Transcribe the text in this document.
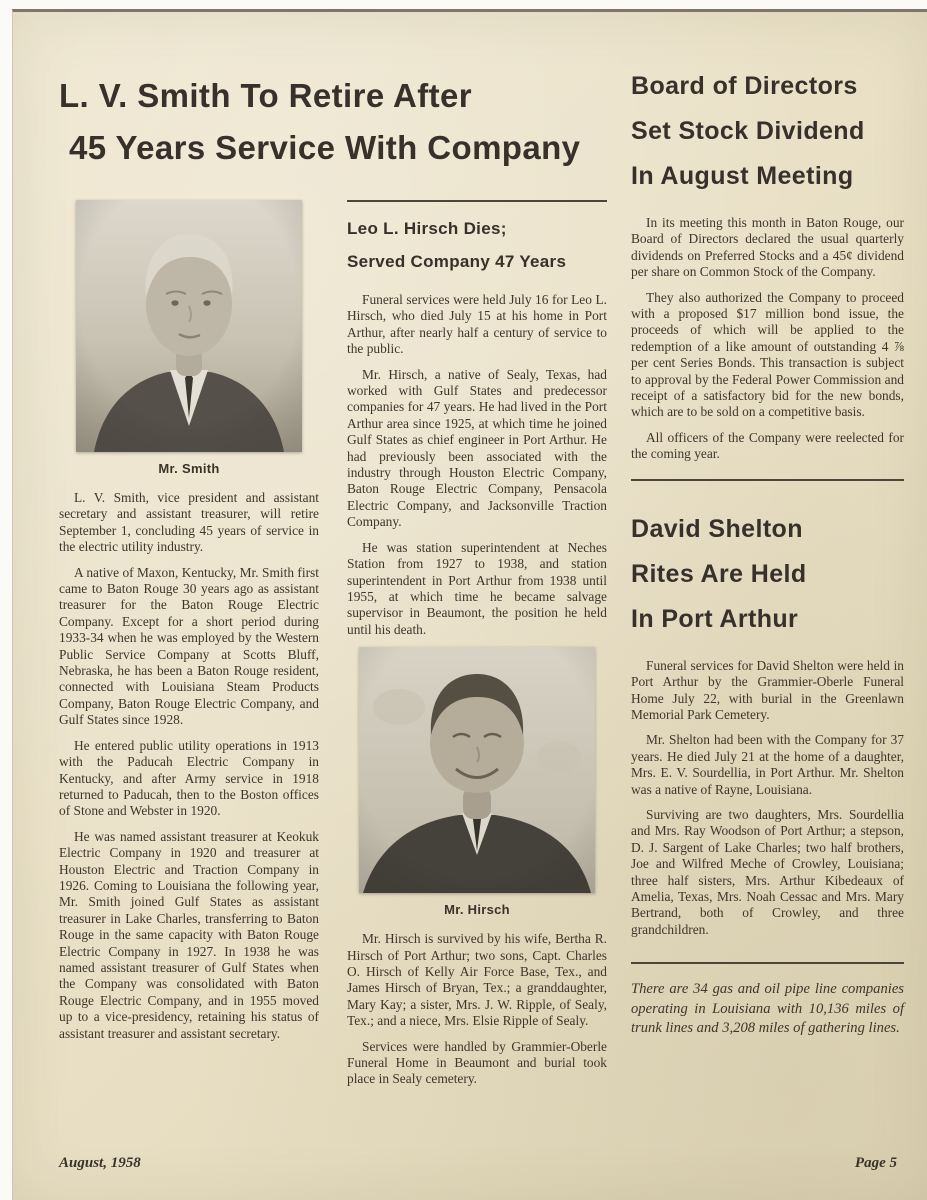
L. V. Smith To Retire After
45 Years Service With Company
Mr. Smith

L. V. Smith, vice president and assistant secretary and assistant treasurer, will retire September 1, concluding 45 years of service in the electric utility industry.

A native of Maxon, Kentucky, Mr. Smith first came to Baton Rouge 30 years ago as assistant treasurer for the Baton Rouge Electric Company. Except for a short period during 1933-34 when he was employed by the Western Public Service Company at Scotts Bluff, Nebraska, he has been a Baton Rouge resident, connected with Louisiana Steam Products Company, Baton Rouge Electric Company, and Gulf States since 1928.

He entered public utility operations in 1913 with the Paducah Electric Company in Kentucky, and after Army service in 1918 returned to Paducah, then to the Boston offices of Stone and Webster in 1920.

He was named assistant treasurer at Keokuk Electric Company in 1920 and treasurer at Houston Electric and Traction Company in 1926. Coming to Louisiana the following year, Mr. Smith joined Gulf States as assistant treasurer in Lake Charles, transferring to Baton Rouge in the same capacity with Baton Rouge Electric Company in 1927. In 1938 he was named assistant treasurer of Gulf States when the Company was consolidated with Baton Rouge Electric Company, and in 1955 moved up to a vice-presidency, retaining his status of assistant treasurer and assistant secretary.

Leo L. Hirsch Dies;
Served Company 47 Years

Funeral services were held July 16 for Leo L. Hirsch, who died July 15 at his home in Port Arthur, after nearly half a century of service to the public.

Mr. Hirsch, a native of Sealy, Texas, had worked with Gulf States and predecessor companies for 47 years. He had lived in the Port Arthur area since 1925, at which time he joined Gulf States as chief engineer in Port Arthur. He had previously been associated with the industry through Houston Electric Company, Baton Rouge Electric Company, Pensacola Electric Company, and Jacksonville Traction Company.

He was station superintendent at Neches Station from 1927 to 1938, and station superintendent in Port Arthur from 1938 until 1955, at which time he became salvage supervisor in Beaumont, the position he held until his death.

Mr. Hirsch

Mr. Hirsch is survived by his wife, Bertha R. Hirsch of Port Arthur; two sons, Capt. Charles O. Hirsch of Kelly Air Force Base, Tex., and James Hirsch of Bryan, Tex.; a granddaughter, Mary Kay; a sister, Mrs. J. W. Ripple, of Sealy, Tex.; and a niece, Mrs. Elsie Ripple of Sealy.

Services were handled by Grammier-Oberle Funeral Home in Beaumont and burial took place in Sealy cemetery.

Board of Directors
Set Stock Dividend
In August Meeting

In its meeting this month in Baton Rouge, our Board of Directors declared the usual quarterly dividends on Preferred Stocks and a 45¢ dividend per share on Common Stock of the Company.

They also authorized the Company to proceed with a proposed $17 million bond issue, the proceeds of which will be applied to the redemption of a like amount of outstanding 4 ⅞ per cent Series Bonds. This transaction is subject to approval by the Federal Power Commission and receipt of a satisfactory bid for the new bonds, which are to be sold on a competitive basis.

All officers of the Company were reelected for the coming year.

David Shelton
Rites Are Held
In Port Arthur

Funeral services for David Shelton were held in Port Arthur by the Grammier-Oberle Funeral Home July 22, with burial in the Greenlawn Memorial Park Cemetery.

Mr. Shelton had been with the Company for 37 years. He died July 21 at the home of a daughter, Mrs. E. V. Sourdellia, in Port Arthur. Mr. Shelton was a native of Rayne, Louisiana.

Surviving are two daughters, Mrs. Sourdellia and Mrs. Ray Woodson of Port Arthur; a stepson, D. J. Sargent of Lake Charles; two half brothers, Joe and Wilfred Meche of Crowley, Louisiana; three half sisters, Mrs. Arthur Kibedeaux of Amelia, Texas, Mrs. Noah Cessac and Mrs. Mary Bertrand, both of Crowley, and three grandchildren.

There are 34 gas and oil pipe line companies operating in Louisiana with 10,136 miles of trunk lines and 3,208 miles of gathering lines.

August, 1958	Page 5
